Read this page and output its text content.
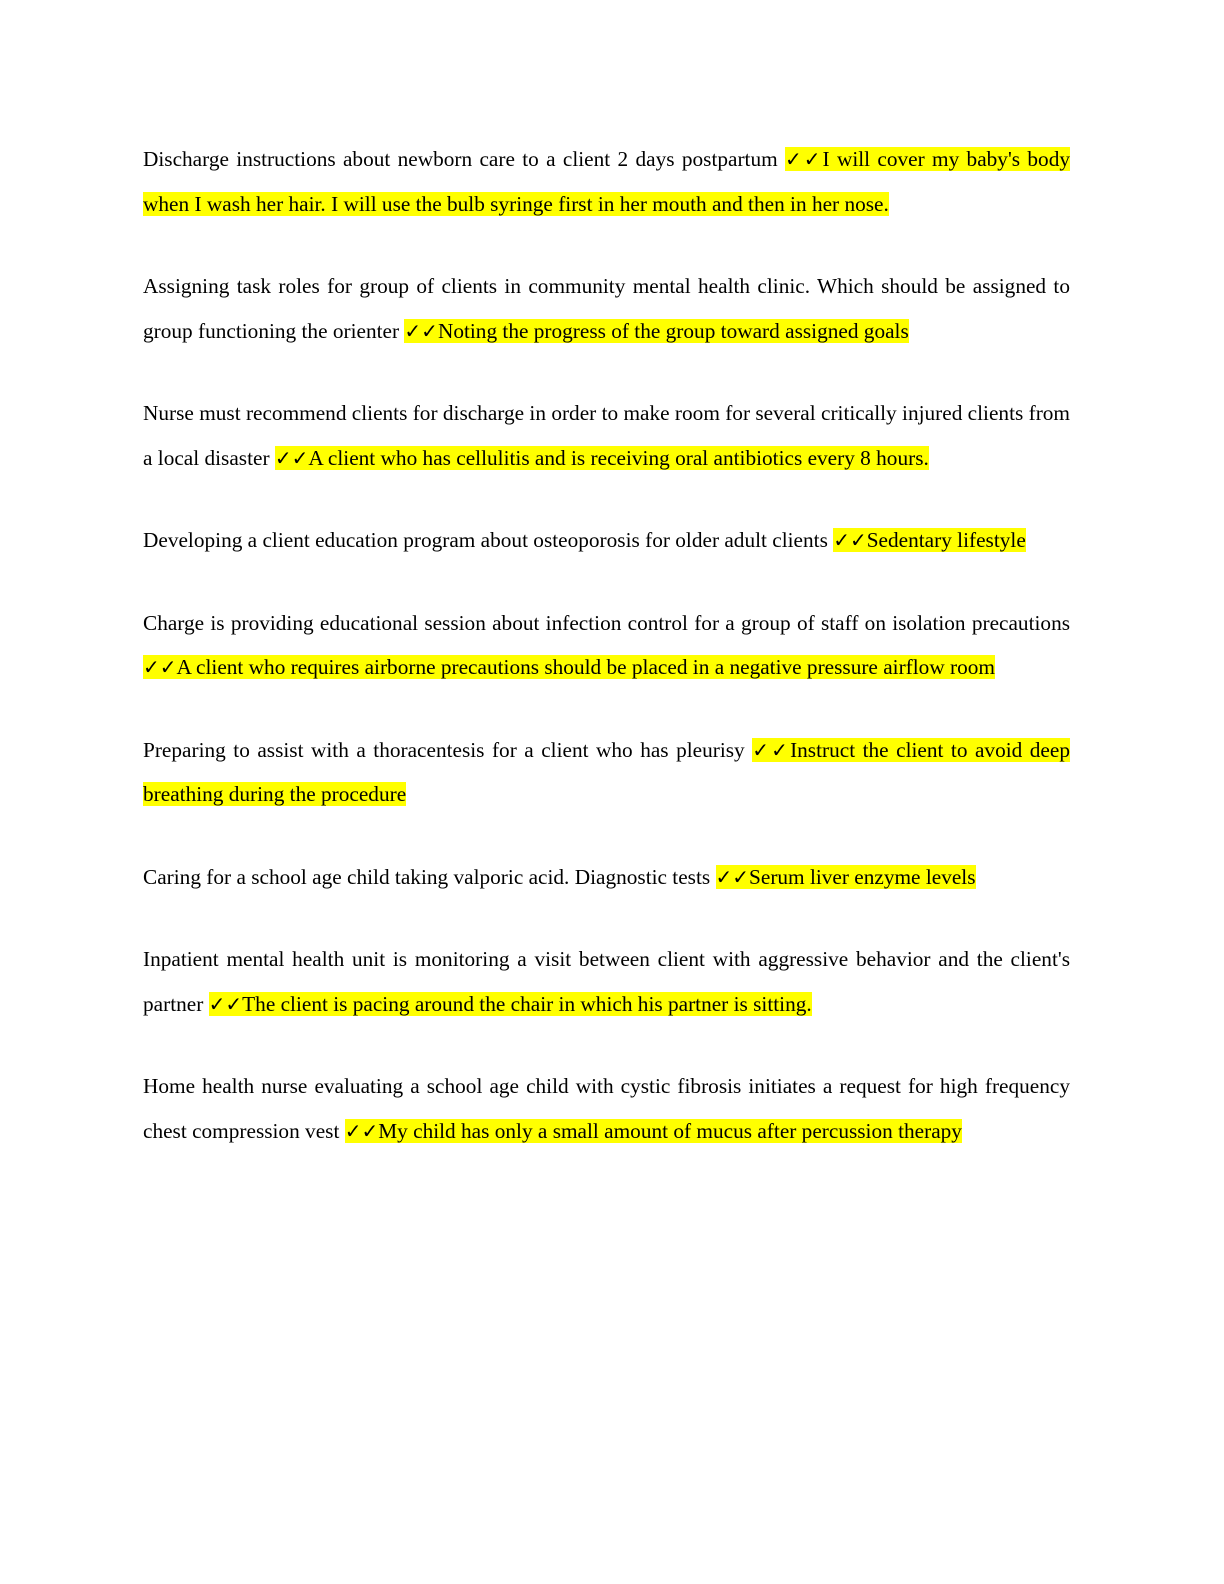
Discharge instructions about newborn care to a client 2 days postpartum ✓✓I will cover my baby's body when I wash her hair. I will use the bulb syringe first in her mouth and then in her nose.

Assigning task roles for group of clients in community mental health clinic. Which should be assigned to group functioning the orienter ✓✓Noting the progress of the group toward assigned goals

Nurse must recommend clients for discharge in order to make room for several critically injured clients from a local disaster ✓✓A client who has cellulitis and is receiving oral antibiotics every 8 hours.

Developing a client education program about osteoporosis for older adult clients ✓✓Sedentary lifestyle

Charge is providing educational session about infection control for a group of staff on isolation precautions ✓✓A client who requires airborne precautions should be placed in a negative pressure airflow room

Preparing to assist with a thoracentesis for a client who has pleurisy ✓✓Instruct the client to avoid deep breathing during the procedure

Caring for a school age child taking valporic acid. Diagnostic tests ✓✓Serum liver enzyme levels

Inpatient mental health unit is monitoring a visit between client with aggressive behavior and the client's partner ✓✓The client is pacing around the chair in which his partner is sitting.

Home health nurse evaluating a school age child with cystic fibrosis initiates a request for high frequency chest compression vest ✓✓My child has only a small amount of mucus after percussion therapy
